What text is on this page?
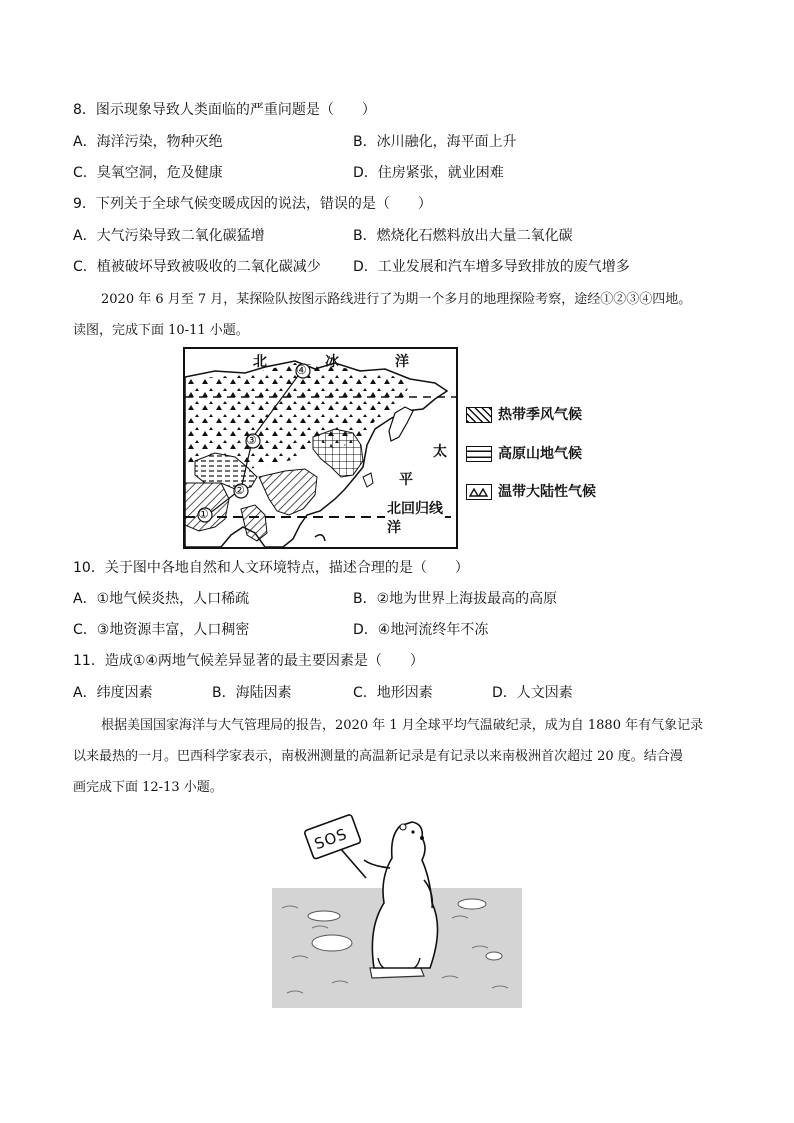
8．图示现象导致人类面临的严重问题是（　　）
A．海洋污染，物种灭绝	B．冰川融化，海平面上升
C．臭氧空洞，危及健康	D．住房紧张，就业困难
9．下列关于全球气候变暖成因的说法，错误的是（　　）
A．大气污染导致二氧化碳猛增	B．燃烧化石燃料放出大量二氧化碳
C．植被破坏导致被吸收的二氧化碳减少 D．工业发展和汽车增多导致排放的废气增多
2020 年 6 月至 7 月，某探险队按图示路线进行了为期一个多月的地理探险考察，途经①②③④四地。
读图，完成下面 10-11 小题。
北	冰	洋
太
平
洋
北回归线
①
②
③
④
热带季风气候
高原山地气候
温带大陆性气候
10．关于图中各地自然和人文环境特点，描述合理的是（　　）
A．①地气候炎热，人口稀疏	B．②地为世界上海拔最高的高原
C．③地资源丰富，人口稠密	D．④地河流终年不冻
11．造成①④两地气候差异显著的最主要因素是（　　）
A．纬度因素	B．海陆因素	C．地形因素	D．人文因素
根据美国国家海洋与大气管理局的报告，2020 年 1 月全球平均气温破纪录，成为自 1880 年有气象记录
以来最热的一月。巴西科学家表示，南极洲测量的高温新记录是有记录以来南极洲首次超过 20 度。结合漫
画完成下面 12-13 小题。
SOS
